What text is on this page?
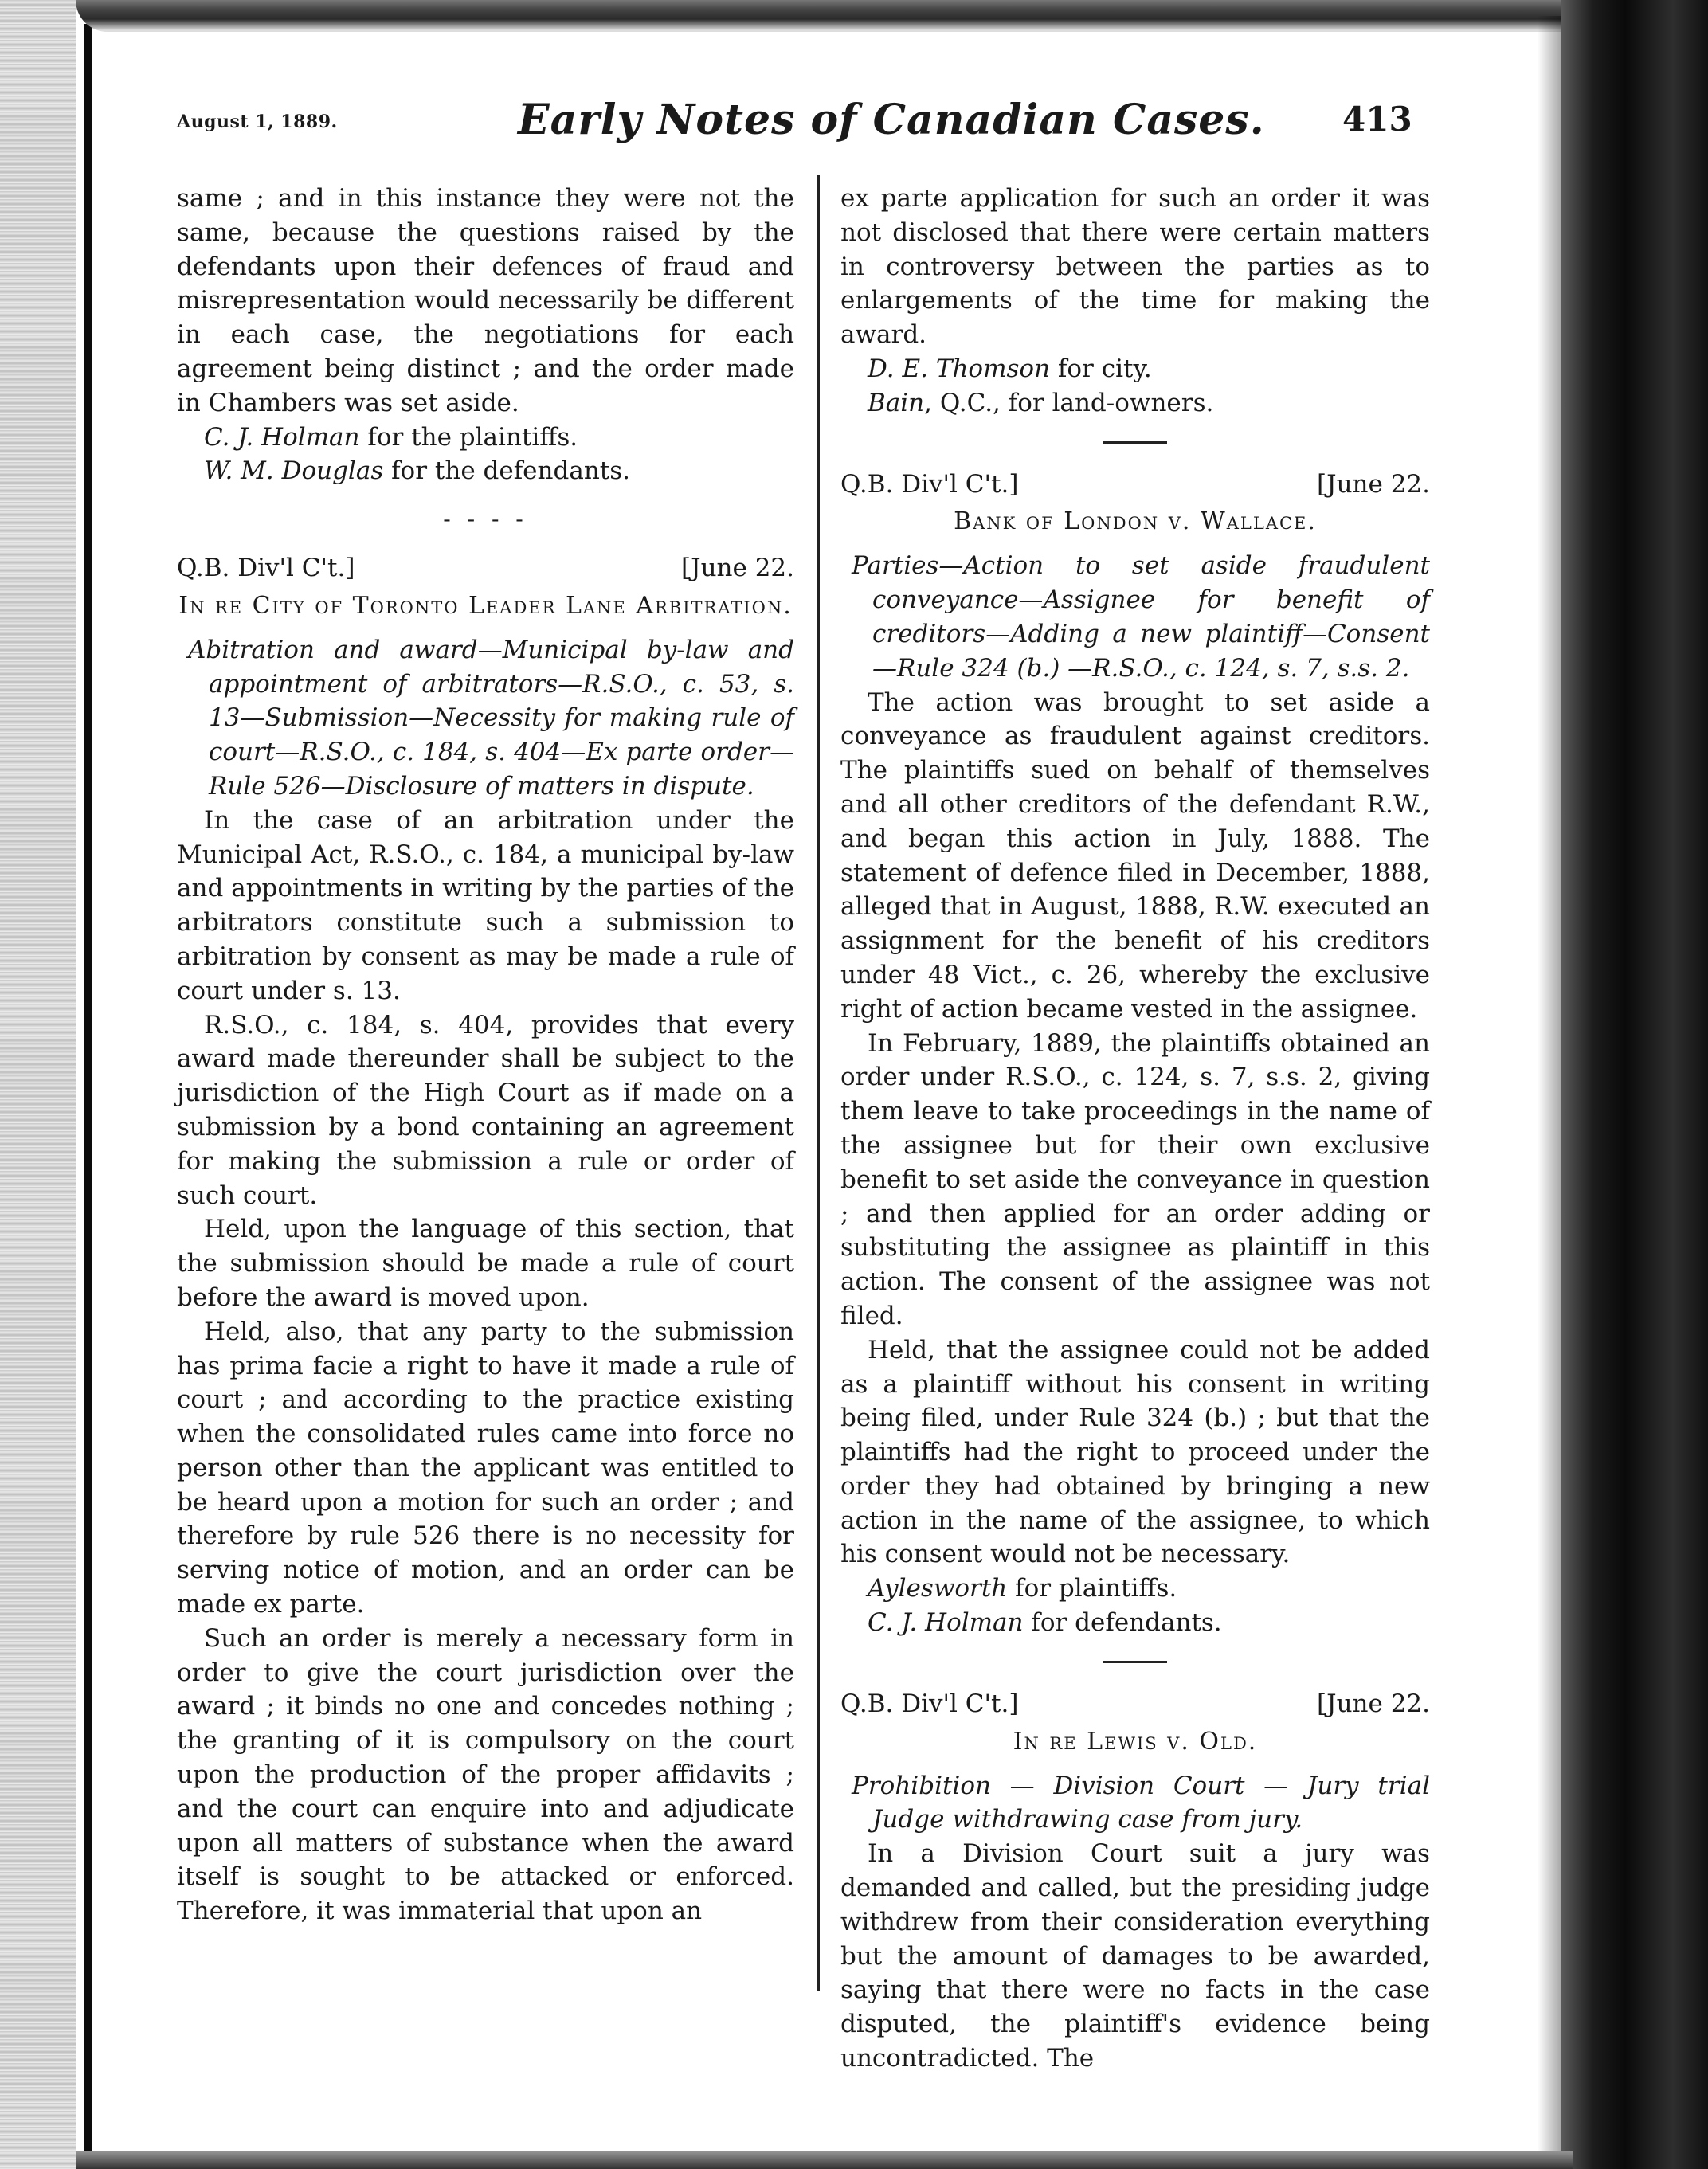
August 1, 1889.	Early Notes of Canadian Cases. 413

same ; and in this instance they were not the same, because the questions raised by the defendants upon their defences of fraud and misrepresentation would necessarily be different in each case, the negotiations for each agreement being distinct ; and the order made in Chambers was set aside.

C. J. Holman for the plaintiffs.
W. M. Douglas for the defendants.
- - - -
Q.B. Div'l C't.]	[June 22.
In re City of Toronto Leader Lane Arbitration.

Abitration and award—Municipal by-law and appointment of arbitrators—R.S.O., c. 53, s. 13—Submission—Necessity for making rule of court—R.S.O., c. 184, s. 404—Ex parte order—Rule 526—Disclosure of matters in dispute.

In the case of an arbitration under the Municipal Act, R.S.O., c. 184, a municipal by-law and appointments in writing by the parties of the arbitrators constitute such a submission to arbitration by consent as may be made a rule of court under s. 13.

R.S.O., c. 184, s. 404, provides that every award made thereunder shall be subject to the jurisdiction of the High Court as if made on a submission by a bond containing an agreement for making the submission a rule or order of such court.

Held, upon the language of this section, that the submission should be made a rule of court before the award is moved upon.

Held, also, that any party to the submission has prima facie a right to have it made a rule of court ; and according to the practice existing when the consolidated rules came into force no person other than the applicant was entitled to be heard upon a motion for such an order ; and therefore by rule 526 there is no necessity for serving notice of motion, and an order can be made ex parte.

Such an order is merely a necessary form in order to give the court jurisdiction over the award ; it binds no one and concedes nothing ; the granting of it is compulsory on the court upon the production of the proper affidavits ; and the court can enquire into and adjudicate upon all matters of substance when the award itself is sought to be attacked or enforced. Therefore, it was immaterial that upon an

ex parte application for such an order it was not disclosed that there were certain matters in controversy between the parties as to enlargements of the time for making the award.

D. E. Thomson for city.
Bain, Q.C., for land-owners.
Q.B. Div'l C't.]	[June 22.
Bank of London v. Wallace.

Parties—Action to set aside fraudulent conveyance—Assignee for benefit of creditors—Adding a new plaintiff—Consent—Rule 324 (b.) —R.S.O., c. 124, s. 7, s.s. 2.

The action was brought to set aside a conveyance as fraudulent against creditors. The plaintiffs sued on behalf of themselves and all other creditors of the defendant R.W., and began this action in July, 1888. The statement of defence filed in December, 1888, alleged that in August, 1888, R.W. executed an assignment for the benefit of his creditors under 48 Vict., c. 26, whereby the exclusive right of action became vested in the assignee.

In February, 1889, the plaintiffs obtained an order under R.S.O., c. 124, s. 7, s.s. 2, giving them leave to take proceedings in the name of the assignee but for their own exclusive benefit to set aside the conveyance in question ; and then applied for an order adding or substituting the assignee as plaintiff in this action. The consent of the assignee was not filed.

Held, that the assignee could not be added as a plaintiff without his consent in writing being filed, under Rule 324 (b.) ; but that the plaintiffs had the right to proceed under the order they had obtained by bringing a new action in the name of the assignee, to which his consent would not be necessary.

Aylesworth for plaintiffs.
C. J. Holman for defendants.
Q.B. Div'l C't.]	[June 22.
In re Lewis v. Old.

Prohibition — Division Court — Jury trial Judge withdrawing case from jury.

In a Division Court suit a jury was demanded and called, but the presiding judge withdrew from their consideration everything but the amount of damages to be awarded, saying that there were no facts in the case disputed, the plaintiff's evidence being uncontradicted. The
